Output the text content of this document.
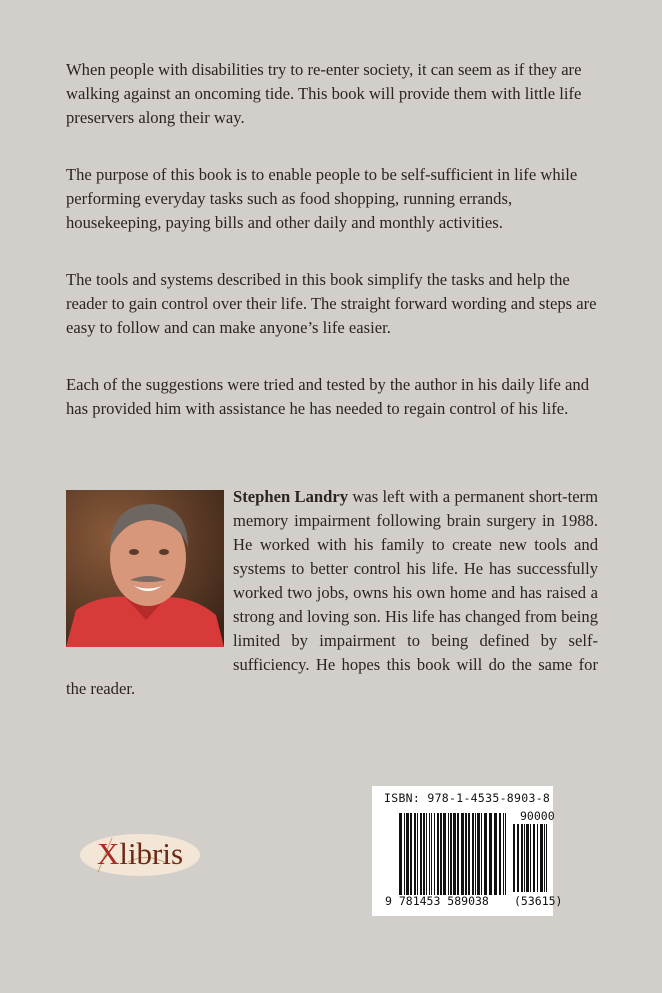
When people with disabilities try to re-enter society, it can seem as if they are walking against an oncoming tide. This book will provide them with little life preservers along their way.

The purpose of this book is to enable people to be self-sufficient in life while performing everyday tasks such as food shopping, running errands, housekeeping, paying bills and other daily and monthly activities.

The tools and systems described in this book simplify the tasks and help the reader to gain control over their life. The straight forward wording and steps are easy to follow and can make anyone’s life easier.

Each of the suggestions were tried and tested by the author in his daily life and has provided him with assistance he has needed to regain control of his life.

Stephen Landry was left with a permanent short-term memory impairment following brain surgery in 1988. He worked with his family to create new tools and systems to better control his life. He has successfully worked two jobs, owns his own home and has raised a strong and loving son. His life has changed from being limited by impairment to being defined by self-sufficiency. He hopes this book will do the same for the reader.
Xlibris
ISBN: 978-1-4535-8903-8
90000
9 781453 589038 (53615)
